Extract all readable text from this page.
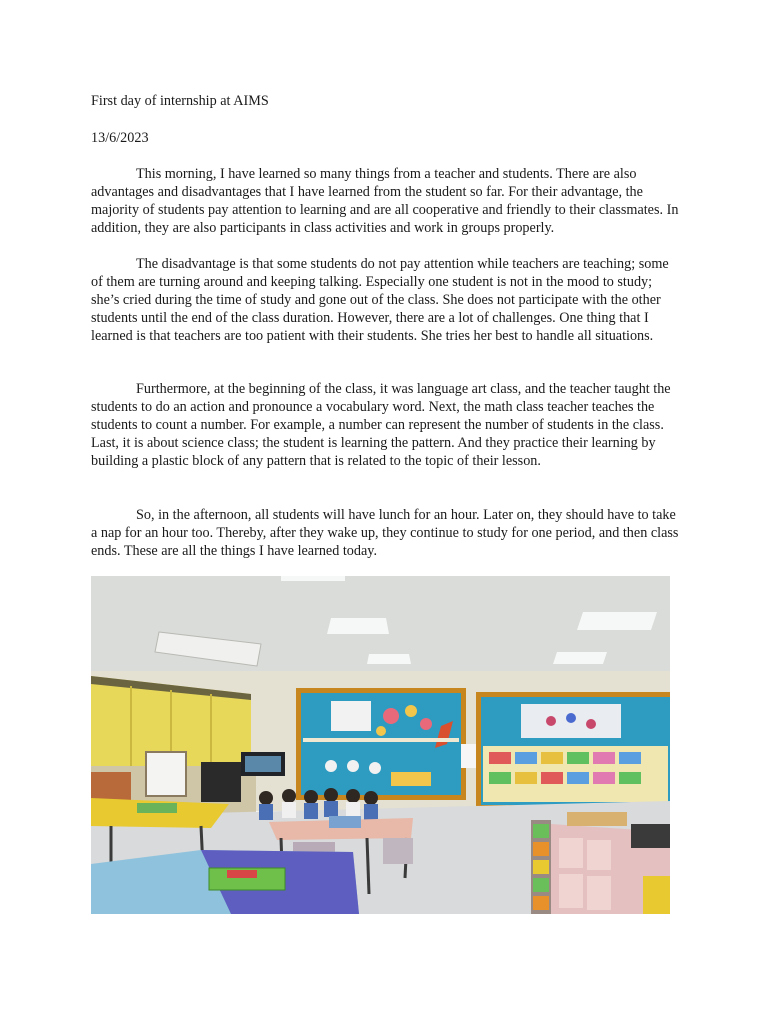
First day of internship at AIMS
13/6/2023

This morning, I have learned so many things from a teacher and students. There are also advantages and disadvantages that I have learned from the student so far. For their advantage, the majority of students pay attention to learning and are all cooperative and friendly to their classmates. In addition, they are also participants in class activities and work in groups properly.

The disadvantage is that some students do not pay attention while teachers are teaching; some of them are turning around and keeping talking. Especially one student is not in the mood to study; she’s cried during the time of study and gone out of the class. She does not participate with the other students until the end of the class duration. However, there are a lot of challenges. One thing that I learned is that teachers are too patient with their students. She tries her best to handle all situations.

Furthermore, at the beginning of the class, it was language art class, and the teacher taught the students to do an action and pronounce a vocabulary word. Next, the math class teacher teaches the students to count a number. For example, a number can represent the number of students in the class. Last, it is about science class; the student is learning the pattern. And they practice their learning by building a plastic block of any pattern that is related to the topic of their lesson.

So, in the afternoon, all students will have lunch for an hour. Later on, they should have to take a nap for an hour too. Thereby, after they wake up, they continue to study for one period, and then class ends. These are all the things I have learned today.
